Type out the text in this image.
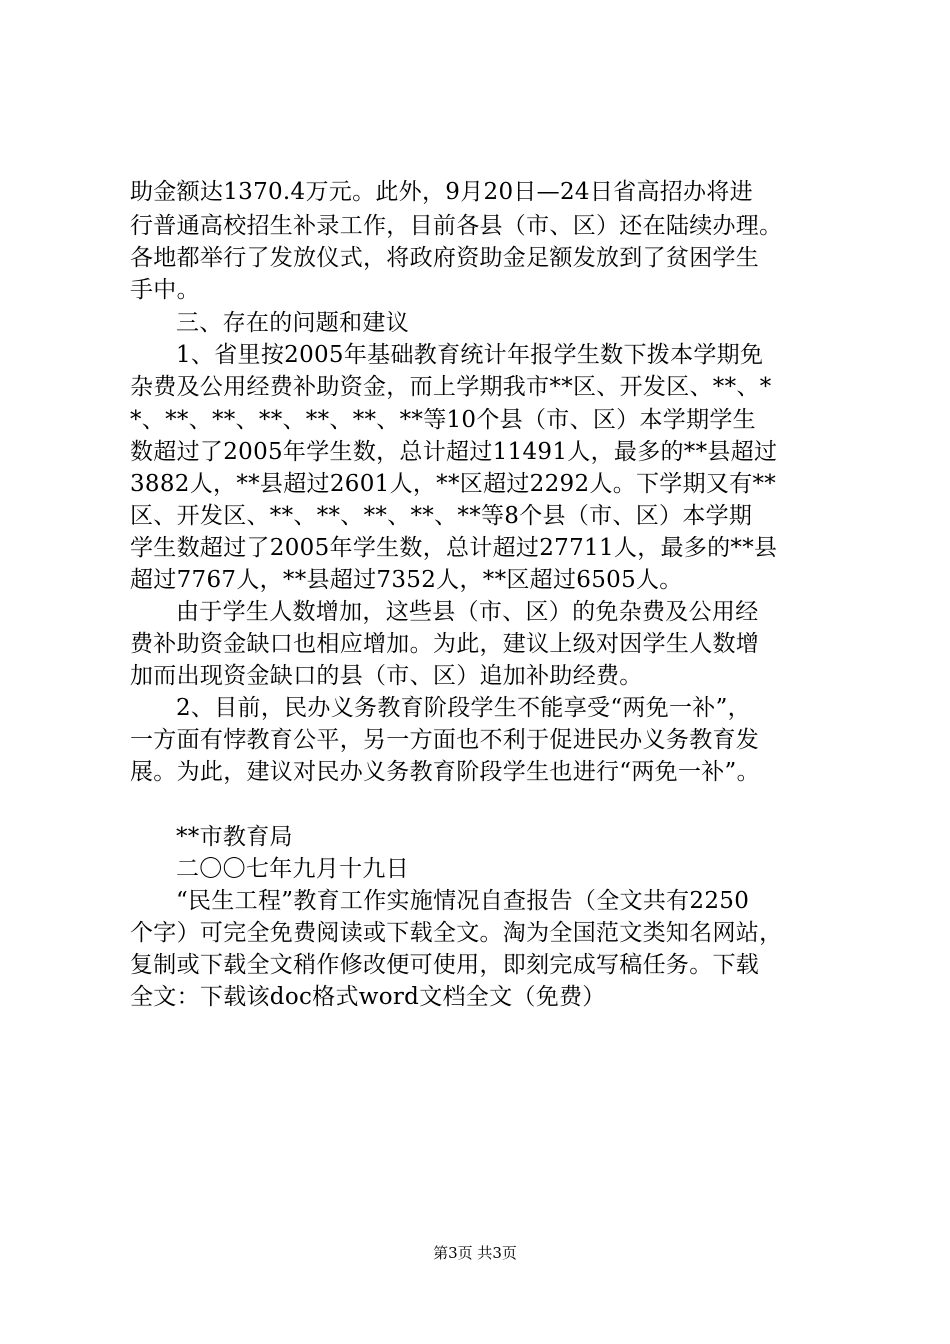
助金额达1370.4万元。此外，9月20日—24日省高招办将进
行普通高校招生补录工作，目前各县（市、区）还在陆续办理。
各地都举行了发放仪式，将政府资助金足额发放到了贫困学生
手中。
三、存在的问题和建议
1、省里按2005年基础教育统计年报学生数下拨本学期免
杂费及公用经费补助资金，而上学期我市**区、开发区、**、*
*、**、**、**、**、**、**等10个县（市、区）本学期学生
数超过了2005年学生数，总计超过11491人，最多的**县超过
3882人，**县超过2601人，**区超过2292人。下学期又有**
区、开发区、**、**、**、**、**等8个县（市、区）本学期
学生数超过了2005年学生数，总计超过27711人，最多的**县
超过7767人，**县超过7352人，**区超过6505人。
由于学生人数增加，这些县（市、区）的免杂费及公用经
费补助资金缺口也相应增加。为此，建议上级对因学生人数增
加而出现资金缺口的县（市、区）追加补助经费。
2、目前，民办义务教育阶段学生不能享受“两免一补”，
一方面有悖教育公平，另一方面也不利于促进民办义务教育发
展。为此，建议对民办义务教育阶段学生也进行“两免一补”。
**市教育局
二〇〇七年九月十九日
“民生工程”教育工作实施情况自查报告（全文共有2250
个字）可完全免费阅读或下载全文。淘为全国范文类知名网站，
复制或下载全文稍作修改便可使用，即刻完成写稿任务。下载
全文：下载该doc格式word文档全文（免费）
第3页 共3页
